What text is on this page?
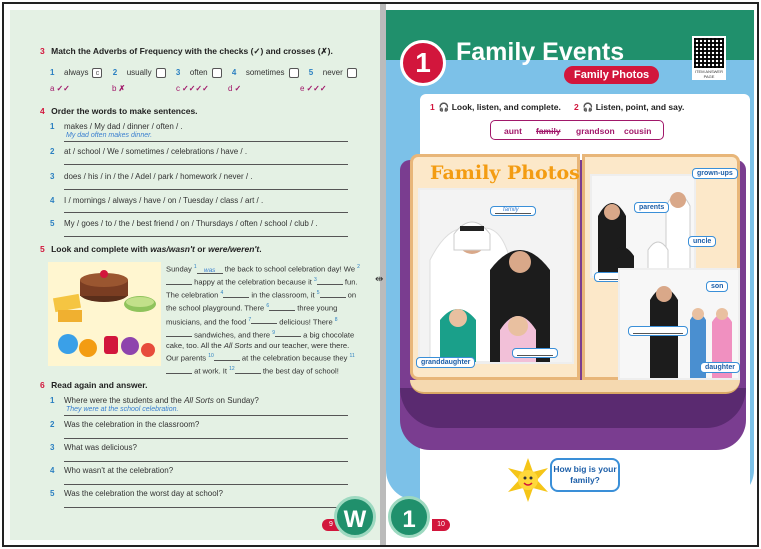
3 Match the Adverbs of Frequency with the checks (✓) and crosses (✗).
1 always c 2 usually	3 often	4 sometimes	5 never
a ✓✓	b ✗	c ✓✓✓✓ d ✓	e ✓✓✓
4 Order the words to make sentences.
1 makes / My dad / dinner / often / .
My dad often makes dinner.
2 at / school / We / sometimes / celebrations / have / .
3 does / his / in / the / Adel / park / homework / never / .
4 I / mornings / always / have / on / Tuesday / class / art / .
5 My / goes / to / the / best friend / on / Thursdays / often / school / club / .
5 Look and complete with was/wasn't or were/weren't.
Sunday $^1$ was the back to school celebration day! We $^2$ happy at the celebration because it $^3$	fun. The celebration $^4$	in the classroom, it $^5$	on the school playground. There $^6$	three young musicians, and the food $^7$	delicious! There $^8$ sandwiches, and there $^9$	a big chocolate cake, too. All the All Sorts and our teacher, were there. Our parents $^{10}$	at the celebration because they $^{11}$ at work. It $^{12}$	the best day of school!
6 Read again and answer.
1 Where were the students and the All Sorts on Sunday?
They were at the school celebration.
2 Was the celebration in the classroom?
3 What was delicious?
4 Who wasn't at the celebration?
5 Was the celebration the worst day at school?
9
⇹
1	Family Events
Family Photos	ITEM ANSWER PAGE
1 🎧 Look, listen, and complete. 2 🎧 Listen, point, and say.
aunt family grandson cousin
Family Photos
family
granddaughter
grown-ups
parents
uncle
son
daughter
How big is your family?
10
W	1
